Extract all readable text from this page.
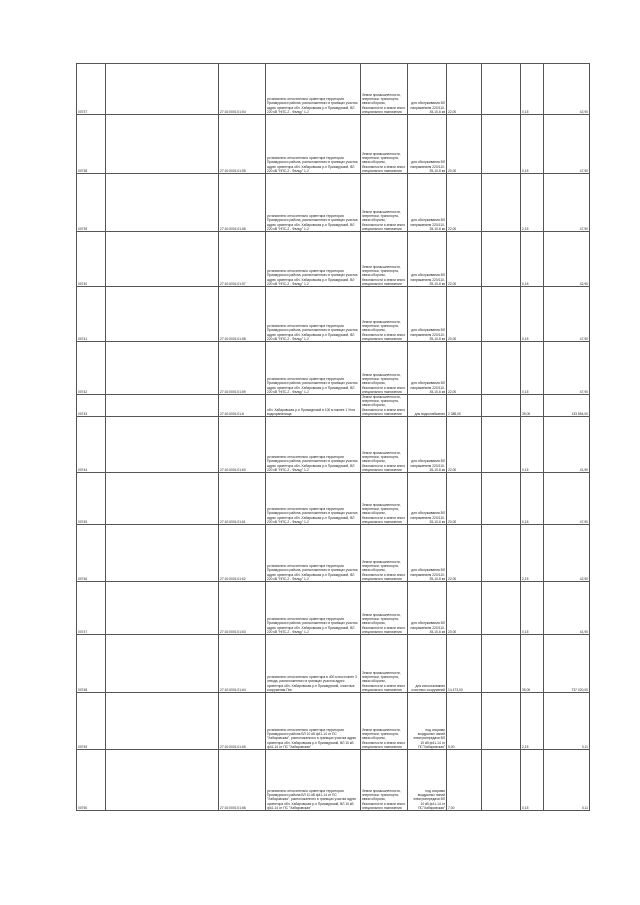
00737		27:10:0001:01:54	установлено относительно ориентира территория Приамурского района, расположенного в границах участка адрес ориентира обл. Хабаровская р-н Приамурский, ВЛ 220 кВ "НПС-2 - Фалцу" 1-2	Земли промышленности, энергетики, транспорта, связи обороны, безопасности и земли иного специального назначения	для обслуживания ВЛ напряжением 220/110-35-10-6 кв	22,00		0,15	42,90
00738		27:10:0001:01:55	установлено относительно ориентира территория Приамурского района, расположенного в границах участка адрес ориентира обл. Хабаровская р-н Приамурский, ВЛ 220 кВ "НПС-2 - Фалцу" 1-2	Земли промышленности, энергетики, транспорта, связи обороны, безопасности и земли иного специального назначения	для обслуживания ВЛ напряжением 220/110-35-10-6 кв	20,00		0,15	47,90
00739		27:10:0001:01:56	установлено относительно ориентира территория Приамурского района, расположенного в границах участка адрес ориентира обл. Хабаровская р-н Приамурский, ВЛ 220 кВ "НПС-2 - Фалцу" 1-2	Земли промышленности, энергетики, транспорта, связи обороны, безопасности и земли иного специального назначения	для обслуживания ВЛ напряжением 220/110-35-10-6 кв	22,00		2,15	47,90
00740		27:10:0001:01:57	установлено относительно ориентира территория Приамурского района, расположенного в границах участка адрес ориентира обл. Хабаровская р-н Приамурский, ВЛ 220 кВ "НПС-2 - Фалцу" 1-2	Земли промышленности, энергетики, транспорта, связи обороны, безопасности и земли иного специального назначения	для обслуживания ВЛ напряжением 220/110-35-10-6 кв	22,00		0,15	42,90
00741		27:10:0001:01:58	установлено относительно ориентира территория Приамурского района, расположенного в границах участка адрес ориентира обл. Хабаровская р-н Приамурский, ВЛ 220 кВ "НПС-2 - Фалцу" 1-2	Земли промышленности, энергетики, транспорта, связи обороны, безопасности и земли иного специального назначения	для обслуживания ВЛ напряжением 220/110-35-10-6 кв	20,00		0,15	47,90
00742		27:10:0001:01:59	установлено относительно ориентира территория Приамурского района, расположенного в границах участка адрес ориентира обл. Хабаровская р-н Приамурский, ВЛ 220 кВ "НПС-2 - Фалцу" 1-2	Земли промышленности, энергетики, транспорта, связи обороны, безопасности и земли иного специального назначения	для обслуживания ВЛ напряжением 220/110-35-10-6 кв	22,00		0,15	47,90
00743		27:10:0001:01:6	обл. Хабаровская р-н Приамурский в 100 м южнее 1 Угла водохранилища	Земли промышленности, энергетики, транспорта, связи обороны, безопасности и земли иного специального назначения	для водоснабжения	2 385,00		35,00	133 554,00
00744		27:10:0001:01:60	установлено относительно ориентира территория Приамурского района, расположенного в границах участка адрес ориентира обл. Хабаровская р-н Приамурский, ВЛ 220 кВ "НПС-2 - Фалцу" 1-2	Земли промышленности, энергетики, транспорта, связи обороны, безопасности и земли иного специального назначения	для обслуживания ВЛ напряжением 220/110-35-10-6 кв	22,00		0,15	41,90
00745		27:10:0001:01:61	установлено относительно ориентира территория Приамурского района, расположенного в границах участка адрес ориентира обл. Хабаровская р-н Приамурский, ВЛ 220 кВ "НПС-2 - Фалцу" 1-2	Земли промышленности, энергетики, транспорта, связи обороны, безопасности и земли иного специального назначения	для обслуживания ВЛ напряжением 220/110-35-10-6 кв	20,00		0,15	47,90
00746		27:10:0001:01:62	установлено относительно ориентира территория Приамурского района, расположенного в границах участка адрес ориентира обл. Хабаровская р-н Приамурский, ВЛ 220 кВ "НПС-2 - Фалцу" 1-2	Земли промышленности, энергетики, транспорта, связи обороны, безопасности и земли иного специального назначения	для обслуживания ВЛ напряжением 220/110-35-10-6 кв	22,00		2,15	42,90
00747		27:10:0001:01:63	установлено относительно ориентира территория Приамурского района, расположенного в границах участка адрес ориентира обл. Хабаровская р-н Приамурский, ВЛ 220 кВ "НПС-2 - Фалцу" 1-2	Земли промышленности, энергетики, транспорта, связи обороны, безопасности и земли иного специального назначения	для обслуживания ВЛ напряжением 220/110-35-10-6 кв	20,00		0,15	41,90
00748		27:10:0001:01:64	установлено относительно ориентира в 400 м восточнее 3 отвода, расположенного в границах участка адрес ориентира обл. Хабаровская р-н Приамурский, очистные сооружения Ппс	Земли промышленности, энергетики, транспорта, связи обороны, безопасности и земли иного специального назначения	для использования очистных сооружений	14 473,00		35,00	737 020,00
00749		27:10:0001:01:65	установлено относительно ориентира территория Приамурского района ВЛ 10 кВ ф41-14 от ПС "Хабаровская", расположенного в границах участка адрес ориентира обл. Хабаровская р-н Приамурский, ВЛ 10 кВ ф41-14 от ПС "Хабаровская"	Земли промышленности, энергетики, транспорта, связи обороны, безопасности и земли иного специального назначения	под опорами воздушных линий электропередачи ВЛ 10 кВ ф41-14 от ПС"Хабаровская"	5,00		2,15	0,11
00750		27:10:0001:01:66	установлено относительно ориентира территория Приамурского района ВЛ 10 кВ ф41-14 от ПС "Хабаровская", расположенного в границах участка адрес ориентира обл. Хабаровская р-н Приамурский, ВЛ 10 кВ ф41-14 от ПС "Хабаровская"	Земли промышленности, энергетики, транспорта, связи обороны, безопасности и земли иного специального назначения	под опорами воздушных линий электропередачи ВЛ 10 кВ ф41-14 от ПС"Хабаровская"	7,00		0,15	0,11
